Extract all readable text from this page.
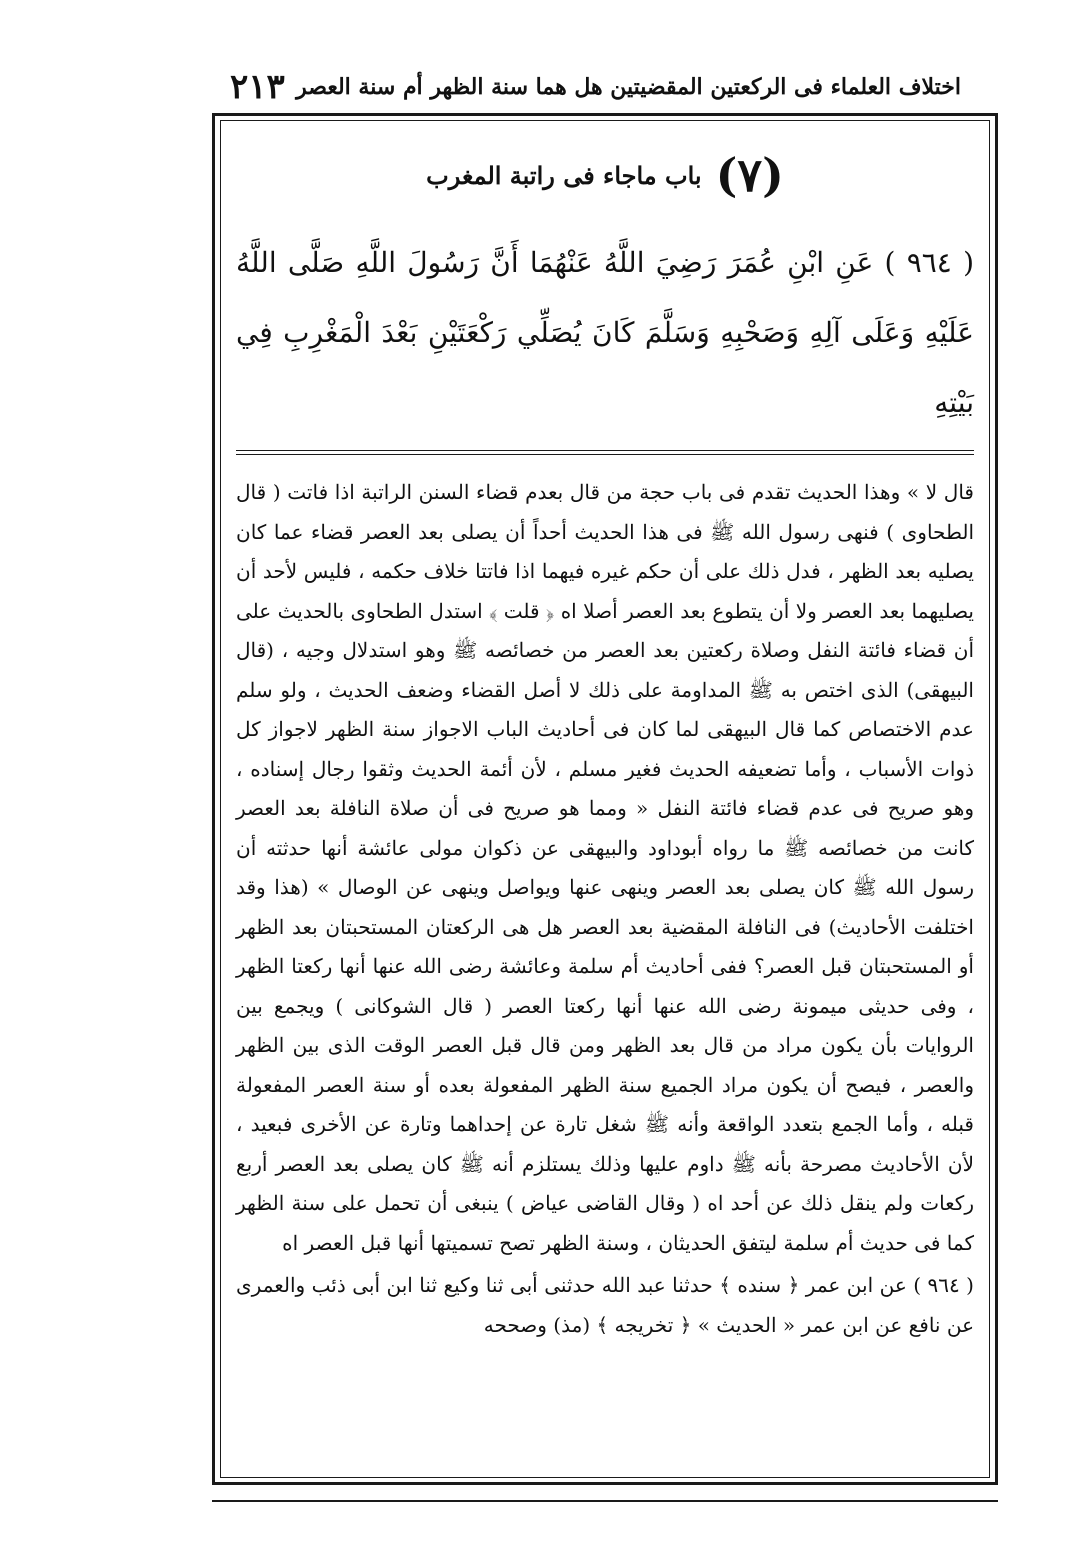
اختلاف العلماء فى الركعتين المقضيتين هل هما سنة الظهر أم سنة العصر
٢١٣
(٧)
باب ماجاء فى راتبة المغرب
( ٩٦٤ ) عَنِ ابْنِ عُمَرَ رَضِيَ اللَّهُ عَنْهُمَا أَنَّ رَسُولَ اللَّهِ صَلَّى اللَّهُ عَلَيْهِ وَعَلَى آلِهِ وَصَحْبِهِ وَسَلَّمَ كَانَ يُصَلِّي رَكْعَتَيْنِ بَعْدَ الْمَغْرِبِ فِي بَيْتِهِ

قال لا » وهذا الحديث تقدم فى باب حجة من قال بعدم قضاء السنن الراتبة اذا فاتت ( قال الطحاوى ) فنهى رسول الله ﷺ فى هذا الحديث أحداً أن يصلى بعد العصر قضاء عما كان يصليه بعد الظهر ، فدل ذلك على أن حكم غيره فيهما اذا فاتتا خلاف حكمه ، فليس لأحد أن يصليهما بعد العصر ولا أن يتطوع بعد العصر أصلا اه ﴿ قلت ﴾ استدل الطحاوى بالحديث على أن قضاء فائتة النفل وصلاة ركعتين بعد العصر من خصائصه ﷺ وهو استدلال وجيه ، (قال البيهقى) الذى اختص به ﷺ المداومة على ذلك لا أصل القضاء وضعف الحديث ، ولو سلم عدم الاختصاص كما قال البيهقى لما كان فى أحاديث الباب الاجواز سنة الظهر لاجواز كل ذوات الأسباب ، وأما تضعيفه الحديث فغير مسلم ، لأن أئمة الحديث وثقوا رجال إسناده ، وهو صريح فى عدم قضاء فائتة النفل « ومما هو صريح فى أن صلاة النافلة بعد العصر كانت من خصائصه ﷺ ما رواه أبوداود والبيهقى عن ذكوان مولى عائشة أنها حدثته أن رسول الله ﷺ كان يصلى بعد العصر وينهى عنها ويواصل وينهى عن الوصال » (هذا وقد اختلفت الأحاديث) فى النافلة المقضية بعد العصر هل هى الركعتان المستحبتان بعد الظهر أو المستحبتان قبل العصر؟ ففى أحاديث أم سلمة وعائشة رضى الله عنها أنها ركعتا الظهر ، وفى حديثى ميمونة رضى الله عنها أنها ركعتا العصر ( قال الشوكانى ) ويجمع بين الروايات بأن يكون مراد من قال بعد الظهر ومن قال قبل العصر الوقت الذى بين الظهر والعصر ، فيصح أن يكون مراد الجميع سنة الظهر المفعولة بعده أو سنة العصر المفعولة قبله ، وأما الجمع بتعدد الواقعة وأنه ﷺ شغل تارة عن إحداهما وتارة عن الأخرى فبعيد ، لأن الأحاديث مصرحة بأنه ﷺ داوم عليها وذلك يستلزم أنه ﷺ كان يصلى بعد العصر أربع ركعات ولم ينقل ذلك عن أحد اه ( وقال القاضى عياض ) ينبغى أن تحمل على سنة الظهر كما فى حديث أم سلمة ليتفق الحديثان ، وسنة الظهر تصح تسميتها أنها قبل العصر اه

( ٩٦٤ ) عن ابن عمر ﴿ سنده ﴾ حدثنا عبد الله حدثنى أبى ثنا وكيع ثنا ابن أبى ذئب والعمرى عن نافع عن ابن عمر « الحديث » ﴿ تخريجه ﴾ (مذ) وصححه
